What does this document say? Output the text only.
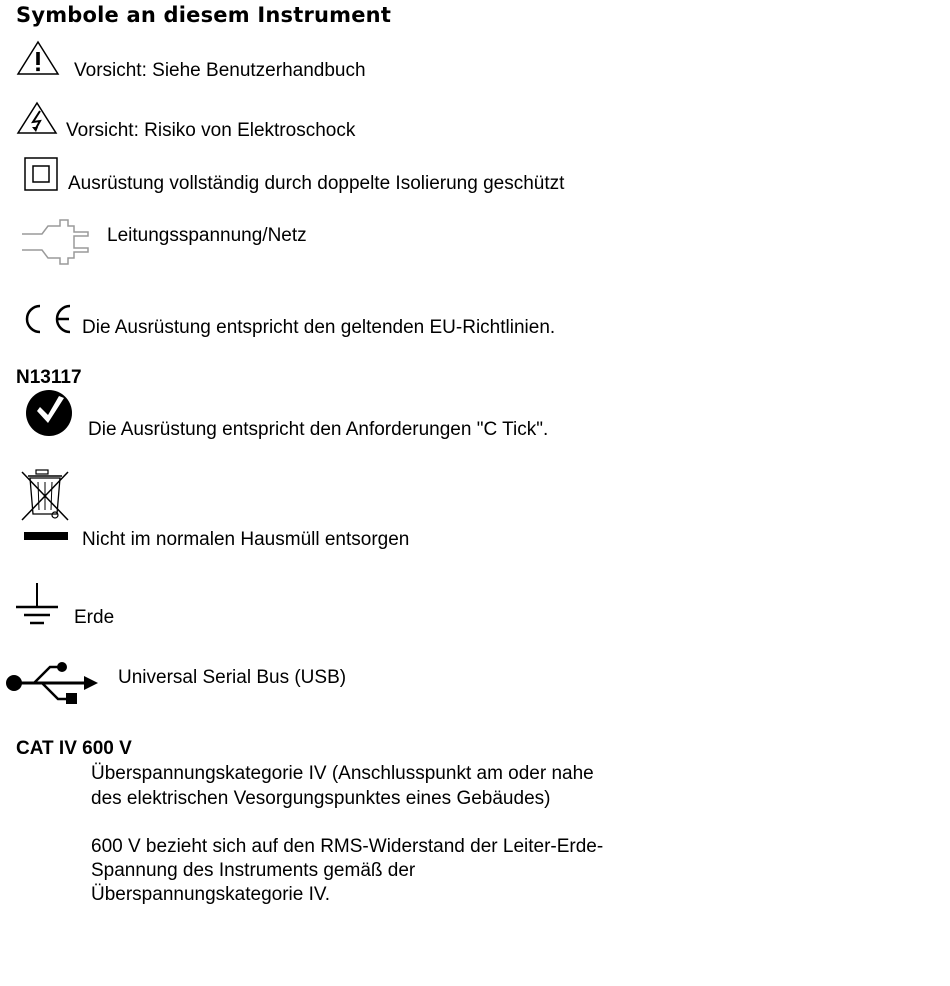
Symbole an diesem Instrument
Vorsicht: Siehe Benutzerhandbuch
Vorsicht: Risiko von Elektroschock
Ausrüstung vollständig durch doppelte Isolierung geschützt
Leitungsspannung/Netz
Die Ausrüstung entspricht den geltenden EU-Richtlinien.
N13117
Die Ausrüstung entspricht den Anforderungen "C Tick".
Nicht im normalen Hausmüll entsorgen
Erde
Universal Serial Bus (USB)
CAT IV 600 V
Überspannungskategorie IV (Anschlusspunkt am oder nahe
des elektrischen Vesorgungspunktes eines Gebäudes)
600 V bezieht sich auf den RMS-Widerstand der Leiter-Erde-
Spannung des Instruments gemäß der
Überspannungskategorie IV.
